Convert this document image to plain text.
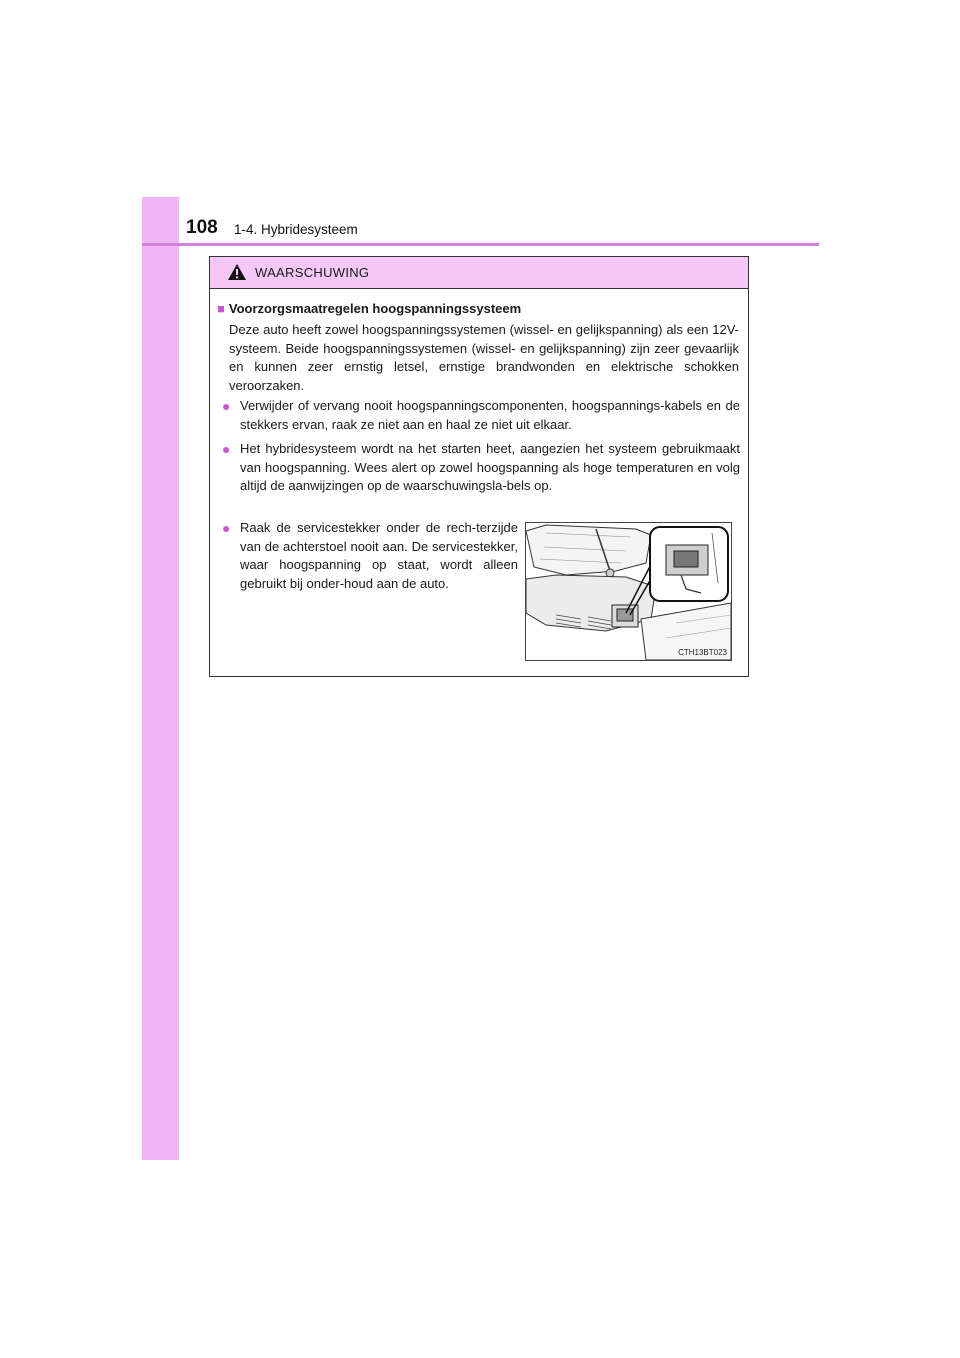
108 1-4. Hybridesysteem
WAARSCHUWING
■ Voorzorgsmaatregelen hoogspanningssysteem
Deze auto heeft zowel hoogspanningssystemen (wissel- en gelijkspanning) als een 12V-systeem. Beide hoogspanningssystemen (wissel- en gelijkspanning) zijn zeer gevaarlijk en kunnen zeer ernstig letsel, ernstige brandwonden en elektrische schokken veroorzaken.
● Verwijder of vervang nooit hoogspanningscomponenten, hoogspannings-kabels en de stekkers ervan, raak ze niet aan en haal ze niet uit elkaar.
● Het hybridesysteem wordt na het starten heet, aangezien het systeem gebruikmaakt van hoogspanning. Wees alert op zowel hoogspanning als hoge temperaturen en volg altijd de aanwijzingen op de waarschuwingsla-bels op.
● Raak de servicestekker onder de rech-terzijde van de achterstoel nooit aan. De servicestekker, waar hoogspanning op staat, wordt alleen gebruikt bij onder-houd aan de auto.
CTH13BT023
